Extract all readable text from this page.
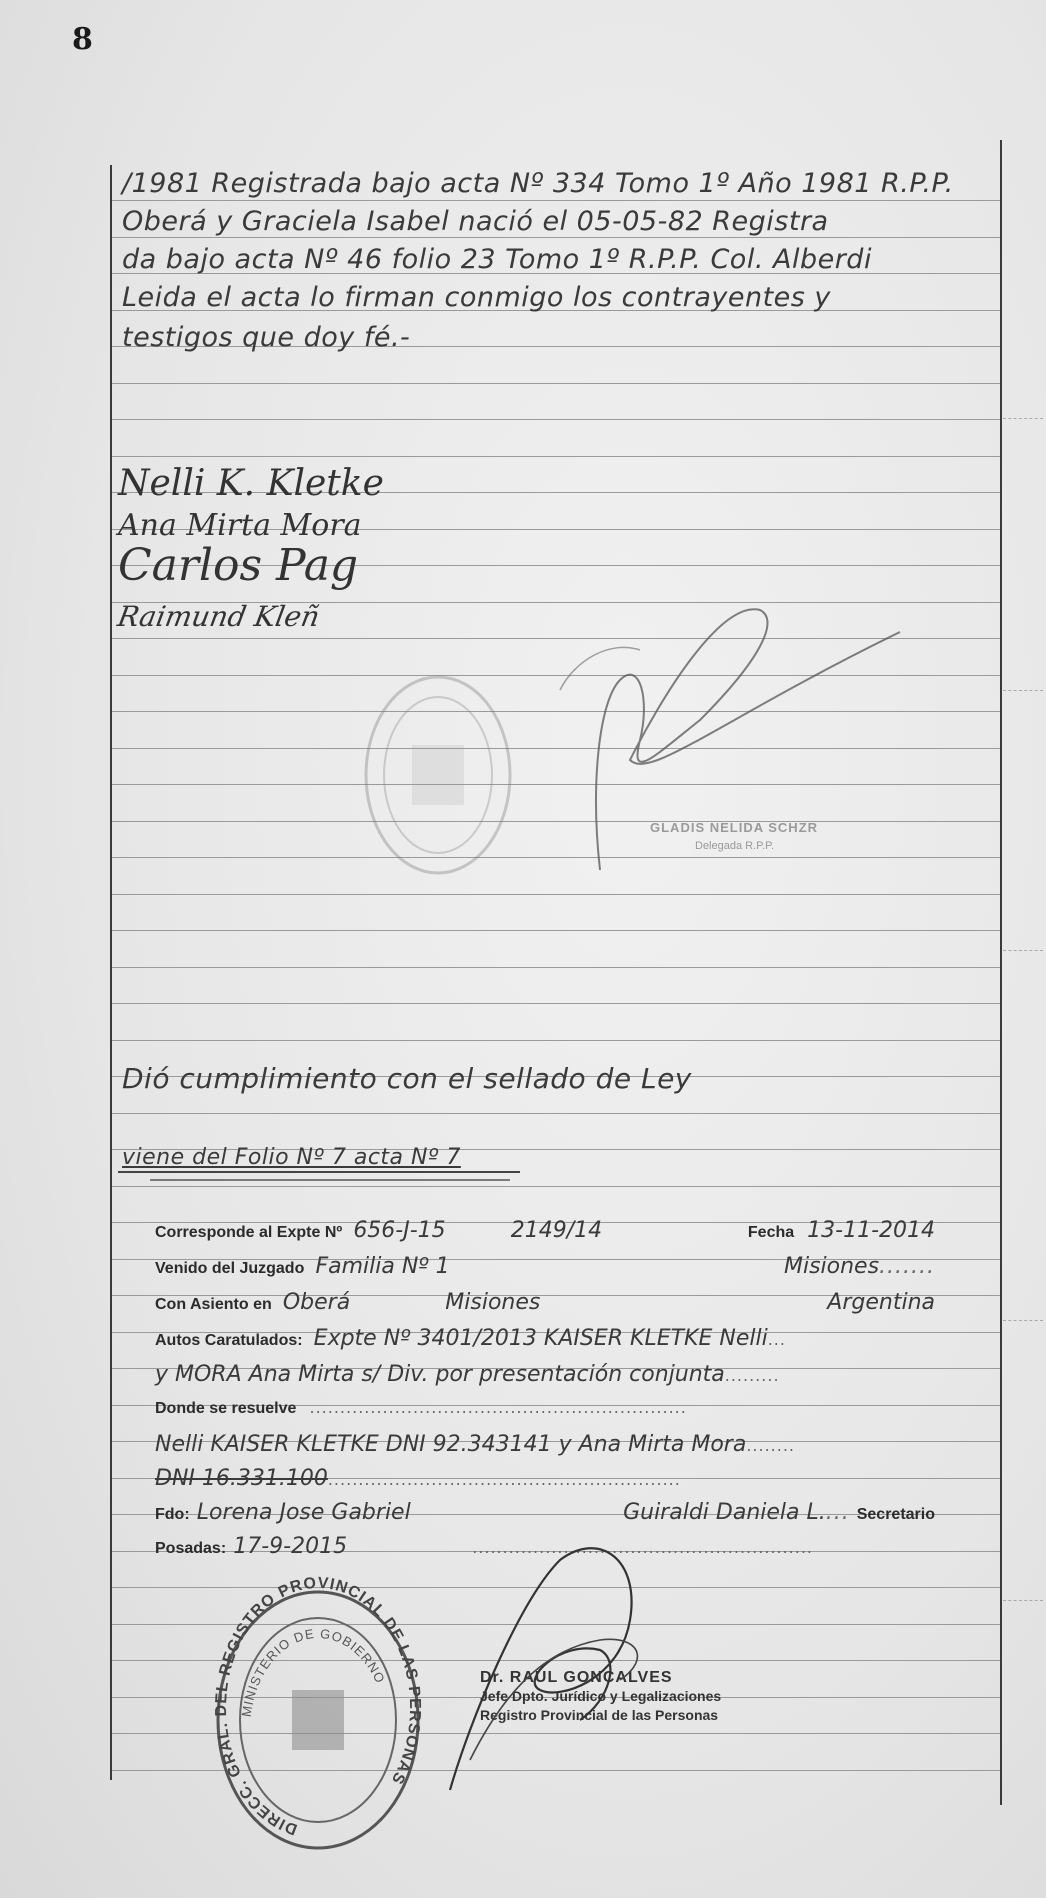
8
/1981 Registrada bajo acta Nº 334 Tomo 1º Año 1981 R.P.P.
Oberá y Graciela Isabel nació el 05-05-82 Registra
da bajo acta Nº 46 folio 23 Tomo 1º R.P.P. Col. Alberdi
Leida el acta lo firman conmigo los contrayentes y
testigos que doy fé.-
Nelli K. Kletke
Ana Mirta Mora
Carlos Pag
Raimund Kleñ
GLADIS NELIDA SCHZR
Delegada R.P.P.
Dió cumplimiento con el sellado de Ley
viene del Folio Nº 7 acta Nº 7
Corresponde al Expte Nº 656-J-15	2149/14	Fecha 13-11-2014
Venido del Juzgado Familia Nº 1	Misiones.......
Con Asiento en Oberá	Misiones	Argentina
Autos Caratulados: Expte Nº 3401/2013 KAISER KLETKE Nelli...
y MORA Ana Mirta s/ Div. por presentación conjunta.........
Donde se resuelve ..............................................................
Nelli KAISER KLETKE DNI 92.343141 y Ana Mirta Mora........
DNI 16.331.100..........................................................
Fdo: Lorena Jose Gabriel	Guiraldi Daniela L.... Secretario
Posadas: 17-9-2015	........................................................
Dr. RAUL GONCALVES
Jefe Dpto. Jurídico y Legalizaciones
Registro Provincial de las Personas
DIRECC. GRAL. DEL REGISTRO PROVINCIAL DE LAS PERSONAS
MINISTERIO DE GOBIERNO
